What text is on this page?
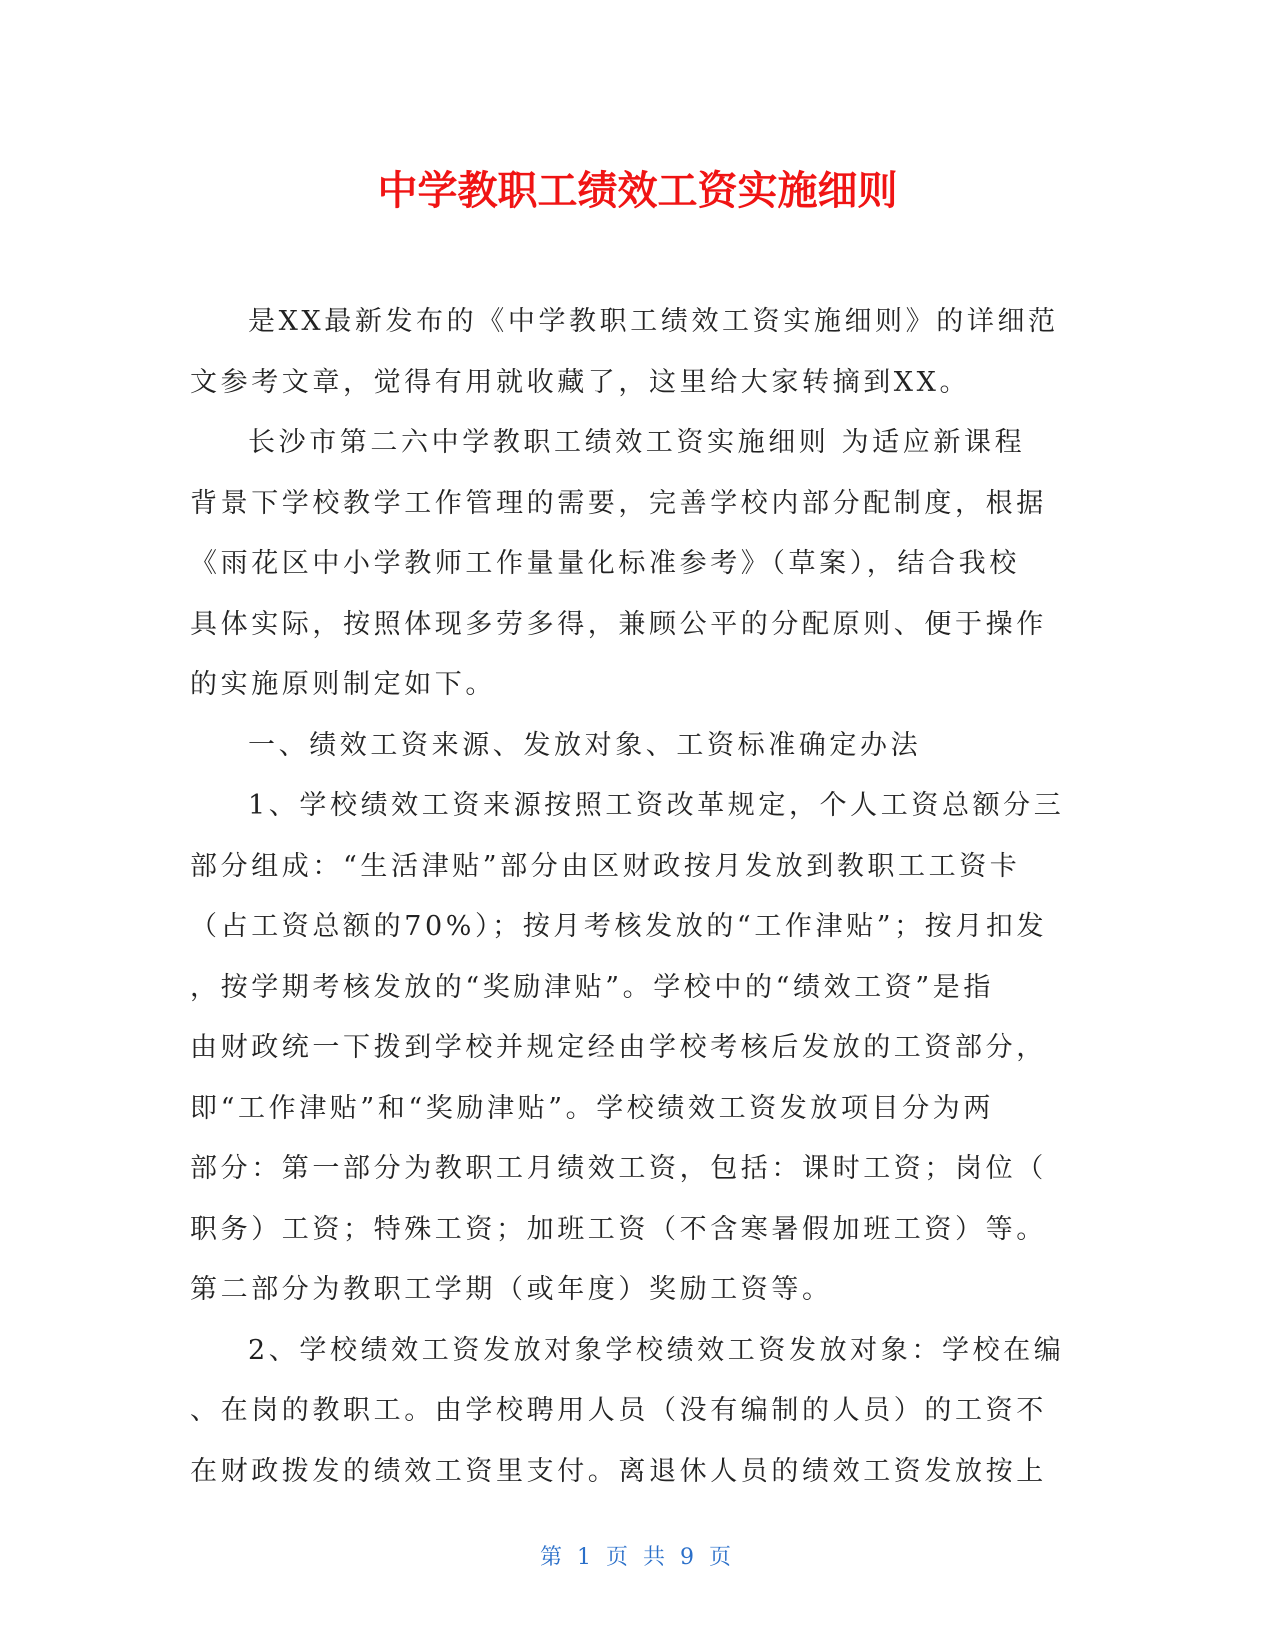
中学教职工绩效工资实施细则
是XX最新发布的《中学教职工绩效工资实施细则》的详细范
文参考文章，觉得有用就收藏了，这里给大家转摘到XX。
长沙市第二六中学教职工绩效工资实施细则 为适应新课程
背景下学校教学工作管理的需要，完善学校内部分配制度，根据
《雨花区中小学教师工作量量化标准参考》（草案），结合我校
具体实际，按照体现多劳多得，兼顾公平的分配原则、便于操作
的实施原则制定如下。
一、绩效工资来源、发放对象、工资标准确定办法
1、学校绩效工资来源按照工资改革规定，个人工资总额分三
部分组成：“生活津贴”部分由区财政按月发放到教职工工资卡
（占工资总额的70%）；按月考核发放的“工作津贴”；按月扣发
，按学期考核发放的“奖励津贴”。学校中的“绩效工资”是指
由财政统一下拨到学校并规定经由学校考核后发放的工资部分，
即“工作津贴”和“奖励津贴”。学校绩效工资发放项目分为两
部分：第一部分为教职工月绩效工资，包括：课时工资；岗位（
职务）工资；特殊工资；加班工资（不含寒暑假加班工资）等。
第二部分为教职工学期（或年度）奖励工资等。
2、学校绩效工资发放对象学校绩效工资发放对象：学校在编
、在岗的教职工。由学校聘用人员（没有编制的人员）的工资不
在财政拨发的绩效工资里支付。离退休人员的绩效工资发放按上
第 1 页 共 9 页
